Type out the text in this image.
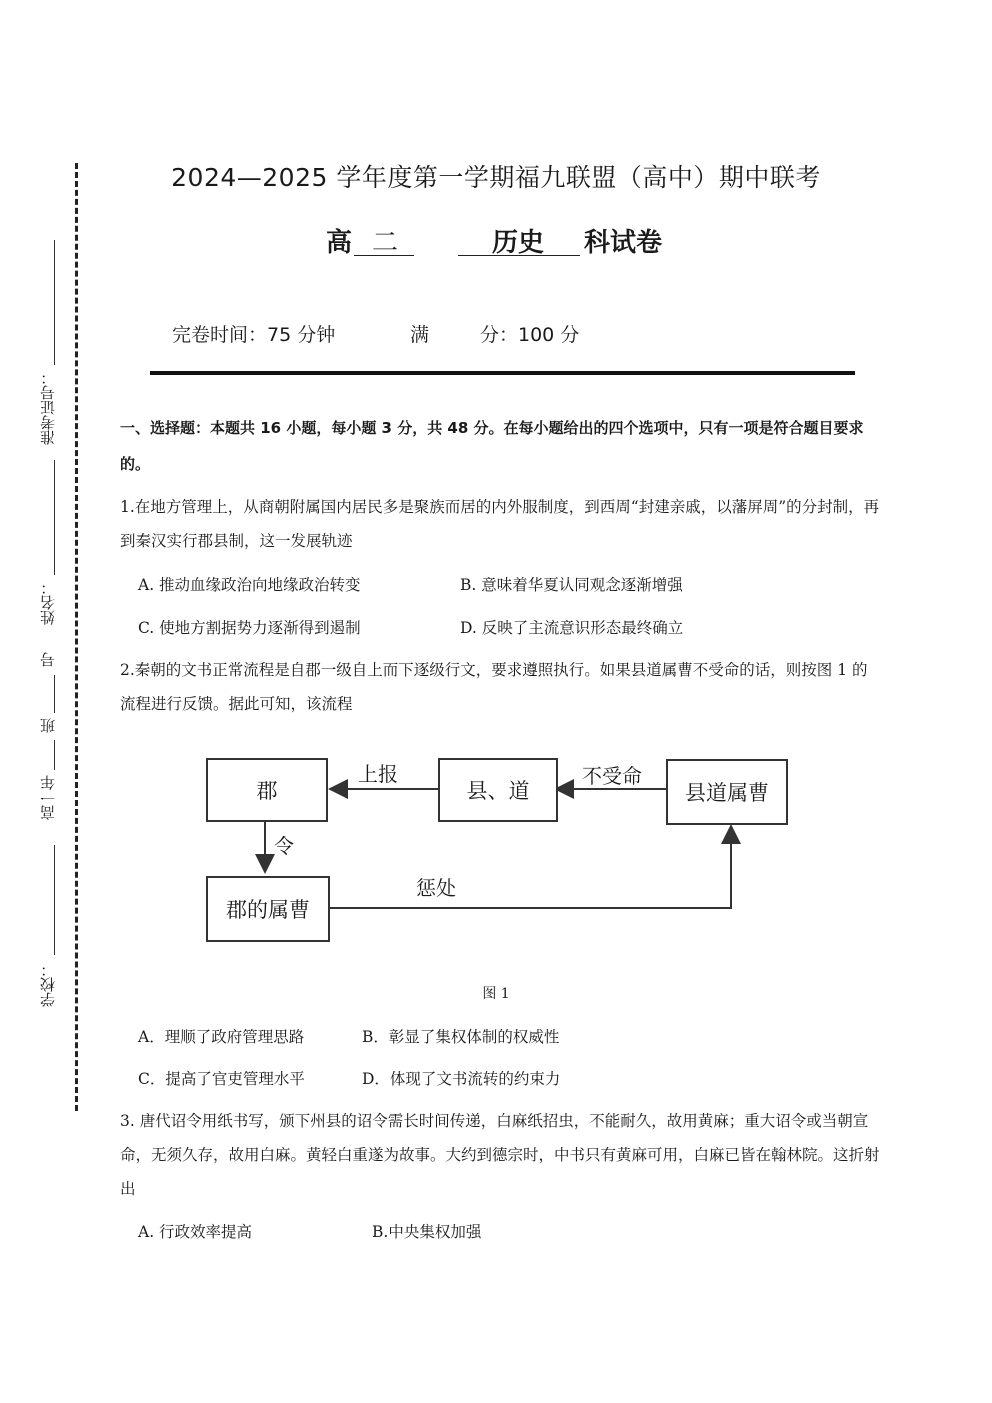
准考证号：
姓名：
号
班
高一年
学校：
2024—2025 学年度第一学期福九联盟（高中）期中联考
高 二	历史 科试卷
完卷时间：75 分钟	满	分：100 分
一、选择题：本题共 16 小题，每小题 3 分，共 48 分。在每小题给出的四个选项中，只有一项是符合题目要求的。
1.在地方管理上，从商朝附属国内居民多是聚族而居的内外服制度，到西周“封建亲戚，以藩屏周”的分封制，再到秦汉实行郡县制，这一发展轨迹
A. 推动血缘政治向地缘政治转变	B. 意味着华夏认同观念逐渐增强
C. 使地方割据势力逐渐得到遏制	D. 反映了主流意识形态最终确立
2.秦朝的文书正常流程是自郡一级自上而下逐级行文，要求遵照执行。如果县道属曹不受命的话，则按图 1 的流程进行反馈。据此可知，该流程
郡	县、道	县道属曹
郡的属曹
上报	不受命
令
惩处
图 1
A．理顺了政府管理思路	B．彰显了集权体制的权威性
C．提高了官吏管理水平	D．体现了文书流转的约束力
3. 唐代诏令用纸书写，颁下州县的诏令需长时间传递，白麻纸招虫，不能耐久，故用黄麻；重大诏令或当朝宣命，无须久存，故用白麻。黄轻白重遂为故事。大约到德宗时，中书只有黄麻可用，白麻已皆在翰林院。这折射出
A. 行政效率提高	B.中央集权加强
